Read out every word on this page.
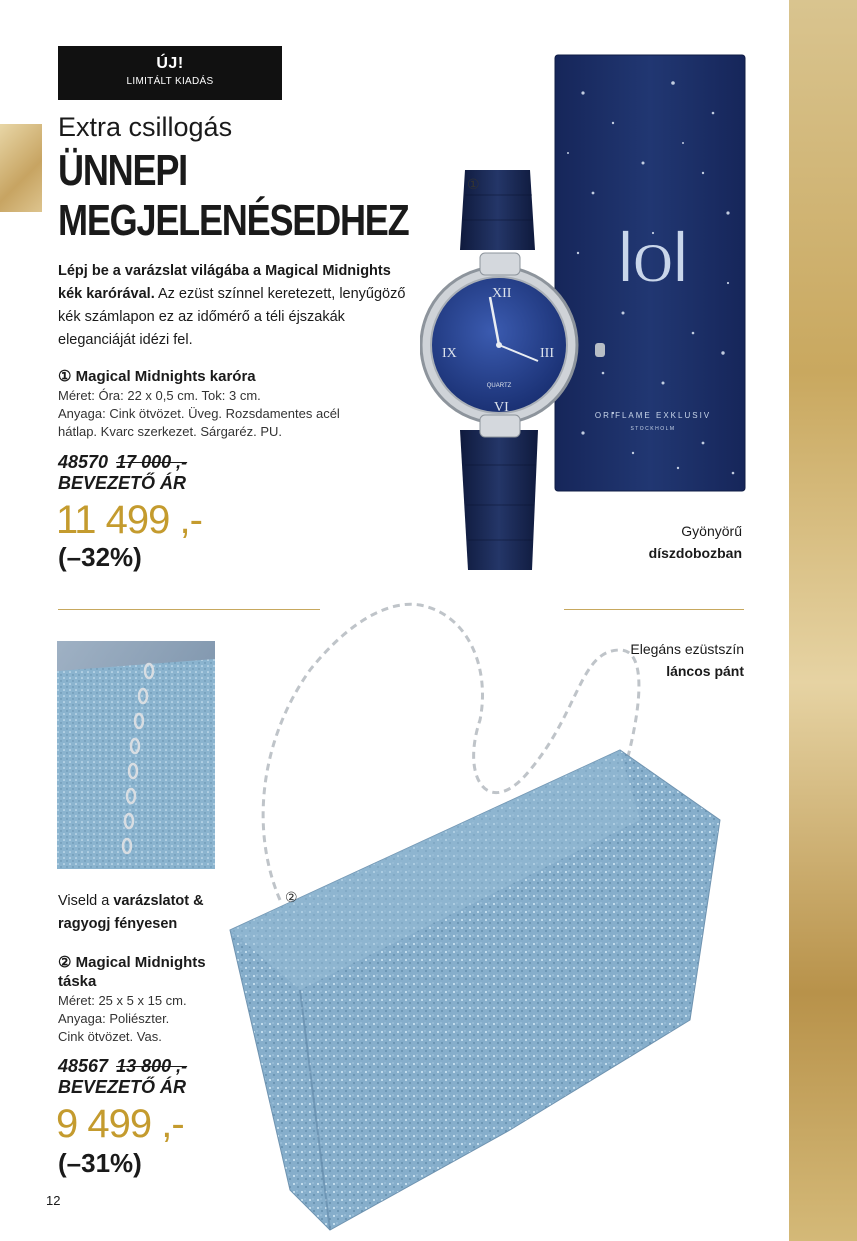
ÚJ!
LIMITÁLT KIADÁS
Extra csillogás
ÜNNEPI
MEGJELENÉSEDHEZ
Lépj be a varázslat világába a Magical Midnights kék karórával. Az ezüst színnel keretezett, lenyűgöző kék számlapon ez az időmérő a téli éjszakák eleganciáját idézi fel.
① Magical Midnights karóra
Méret: Óra: 22 x 0,5 cm. Tok: 3 cm.
Anyaga: Cink ötvözet. Üveg. Rozsdamentes acél
hátlap. Kvarc szerkezet. Sárgaréz. PU.
48570 17 000 ,-
BEVEZETŐ ÁR
11 499 ,-
(–32%)
ꟾOꟾ
ORIFLAME EXKLUSIV
STOCKHOLM
XII
III
VI
IX
QUARTZ
①
Gyönyörű
díszdobozban
②
Elegáns ezüstszín
láncos pánt
Viseld a varázslatot &
ragyogj fényesen
② Magical Midnights
táska
Méret: 25 x 5 x 15 cm.
Anyaga: Poliészter.
Cink ötvözet. Vas.
48567 13 800 ,-
BEVEZETŐ ÁR
9 499 ,-
(–31%)
12
